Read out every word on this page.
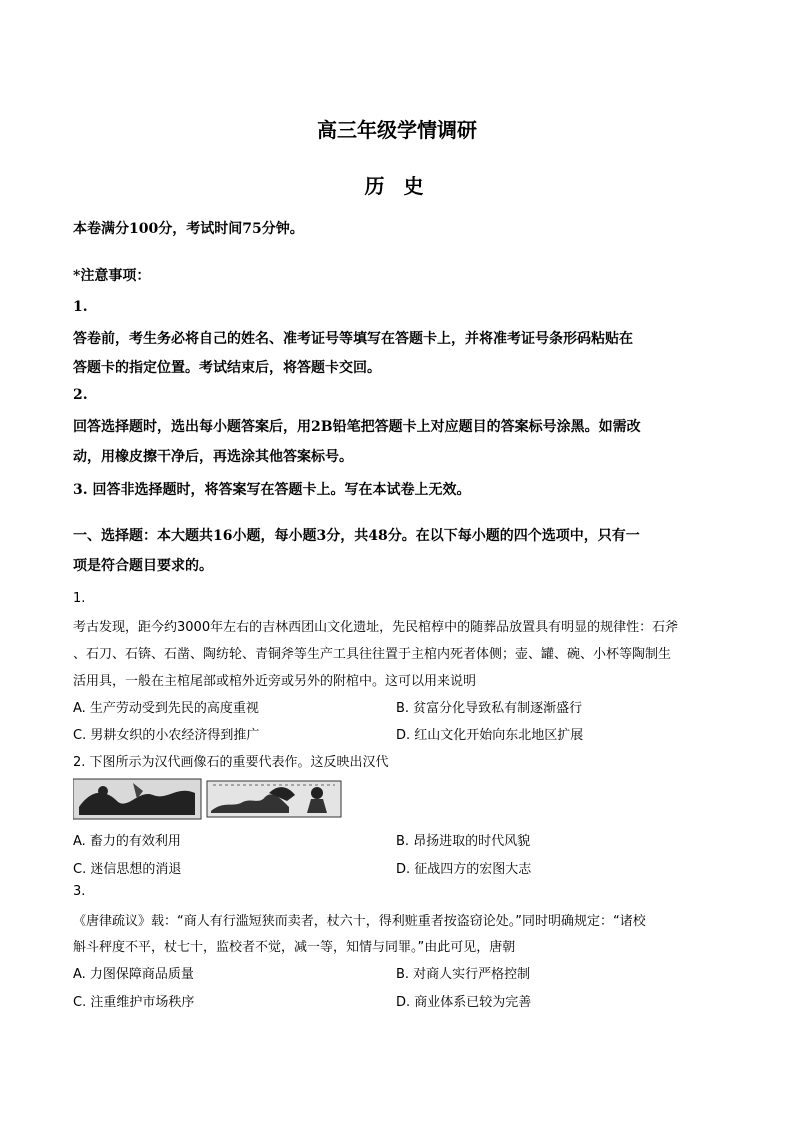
高三年级学情调研
历 史
本卷满分100分，考试时间75分钟。
*注意事项：
1.
答卷前，考生务必将自己的姓名、准考证号等填写在答题卡上，并将准考证号条形码粘贴在
答题卡的指定位置。考试结束后，将答题卡交回。
2.
回答选择题时，选出每小题答案后，用2B铅笔把答题卡上对应题目的答案标号涂黑。如需改
动，用橡皮擦干净后，再选涂其他答案标号。
3. 回答非选择题时，将答案写在答题卡上。写在本试卷上无效。
一、选择题：本大题共16小题，每小题3分，共48分。在以下每小题的四个选项中，只有一
项是符合题目要求的。
1.
考古发现，距今约3000年左右的吉林西团山文化遗址，先民棺椁中的随葬品放置具有明显的规律性：石斧
、石刀、石锛、石凿、陶纺轮、青铜斧等生产工具往往置于主棺内死者体侧；壶、罐、碗、小杯等陶制生
活用具，一般在主棺尾部或棺外近旁或另外的附棺中。这可以用来说明
A. 生产劳动受到先民的高度重视	B. 贫富分化导致私有制逐渐盛行
C. 男耕女织的小农经济得到推广	D. 红山文化开始向东北地区扩展
2. 下图所示为汉代画像石的重要代表作。这反映出汉代
A. 畜力的有效利用	B. 昂扬进取的时代风貌
C. 迷信思想的消退	D. 征战四方的宏图大志
3.
《唐律疏议》载：“商人有行滥短狭而卖者，杖六十，得利赃重者按盗窃论处。”同时明确规定：“诸校
斛斗秤度不平，杖七十，监校者不觉，减一等，知情与同罪。”由此可见，唐朝
A. 力图保障商品质量	B. 对商人实行严格控制
C. 注重维护市场秩序	D. 商业体系已较为完善
